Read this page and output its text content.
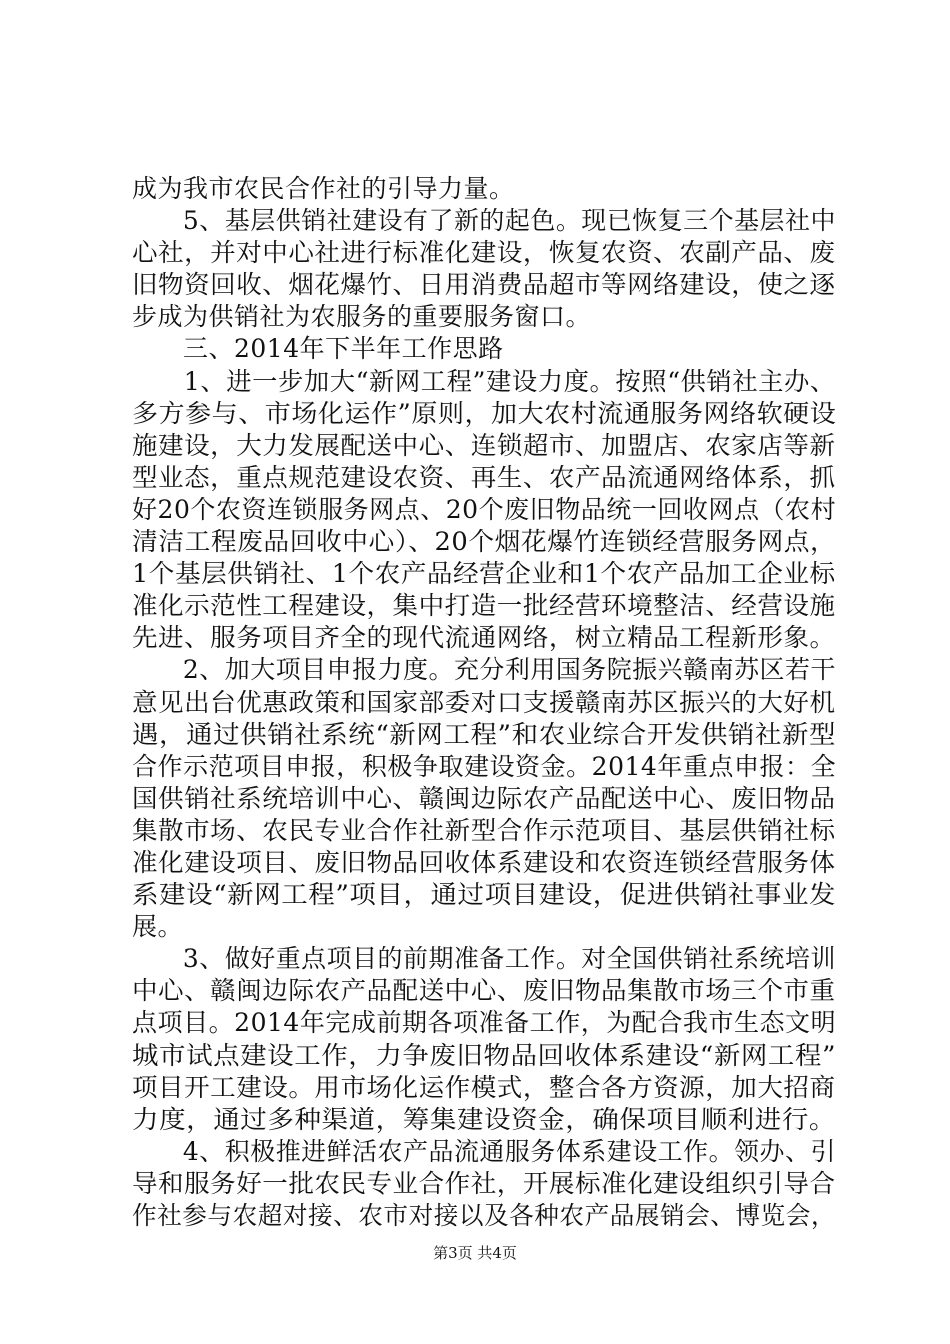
成为我市农民合作社的引导力量。
　　5、基层供销社建设有了新的起色。现已恢复三个基层社中
心社，并对中心社进行标准化建设，恢复农资、农副产品、废
旧物资回收、烟花爆竹、日用消费品超市等网络建设，使之逐
步成为供销社为农服务的重要服务窗口。
　　三、2014年下半年工作思路
　　1、进一步加大“新网工程”建设力度。按照“供销社主办、
多方参与、市场化运作”原则，加大农村流通服务网络软硬设
施建设，大力发展配送中心、连锁超市、加盟店、农家店等新
型业态，重点规范建设农资、再生、农产品流通网络体系，抓
好20个农资连锁服务网点、20个废旧物品统一回收网点（农村
清洁工程废品回收中心）、20个烟花爆竹连锁经营服务网点，
1个基层供销社、1个农产品经营企业和1个农产品加工企业标
准化示范性工程建设，集中打造一批经营环境整洁、经营设施
先进、服务项目齐全的现代流通网络，树立精品工程新形象。
　　2、加大项目申报力度。充分利用国务院振兴赣南苏区若干
意见出台优惠政策和国家部委对口支援赣南苏区振兴的大好机
遇，通过供销社系统“新网工程”和农业综合开发供销社新型
合作示范项目申报，积极争取建设资金。2014年重点申报：全
国供销社系统培训中心、赣闽边际农产品配送中心、废旧物品
集散市场、农民专业合作社新型合作示范项目、基层供销社标
准化建设项目、废旧物品回收体系建设和农资连锁经营服务体
系建设“新网工程”项目，通过项目建设，促进供销社事业发
展。
　　3、做好重点项目的前期准备工作。对全国供销社系统培训
中心、赣闽边际农产品配送中心、废旧物品集散市场三个市重
点项目。2014年完成前期各项准备工作，为配合我市生态文明
城市试点建设工作，力争废旧物品回收体系建设“新网工程”
项目开工建设。用市场化运作模式，整合各方资源，加大招商
力度，通过多种渠道，筹集建设资金，确保项目顺利进行。
第3页 共4页
　　4、积极推进鲜活农产品流通服务体系建设工作。领办、引
导和服务好一批农民专业合作社，开展标准化建设组织引导合
作社参与农超对接、农市对接以及各种农产品展销会、博览会，
